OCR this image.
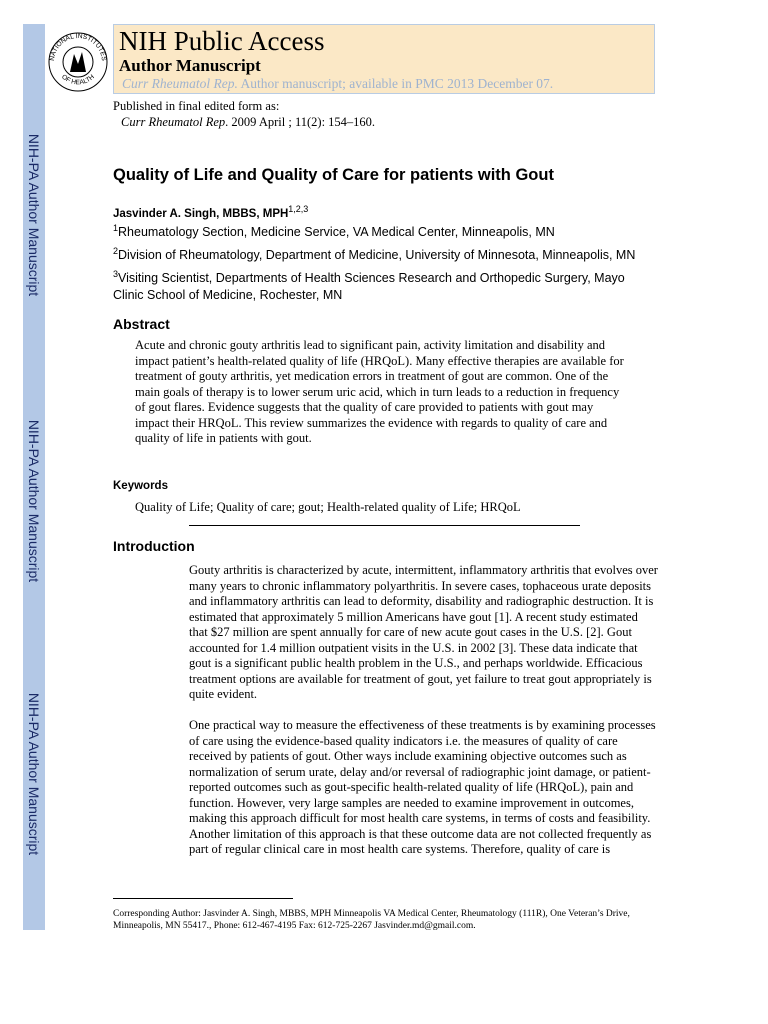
NIH-PA Author Manuscript
NIH-PA Author Manuscript
NIH-PA Author Manuscript
NATIONAL INSTITUTES
OF HEALTH
NIH Public Access
Author Manuscript
Curr Rheumatol Rep. Author manuscript; available in PMC 2013 December 07.
Published in final edited form as:
Curr Rheumatol Rep. 2009 April ; 11(2): 154–160.
Quality of Life and Quality of Care for patients with Gout
Jasvinder A. Singh, MBBS, MPH$^{1,2,3}$
$^1$Rheumatology Section, Medicine Service, VA Medical Center, Minneapolis, MN
$^2$Division of Rheumatology, Department of Medicine, University of Minnesota, Minneapolis, MN
$^3$Visiting Scientist, Departments of Health Sciences Research and Orthopedic Surgery, Mayo Clinic School of Medicine, Rochester, MN
Abstract

Acute and chronic gouty arthritis lead to significant pain, activity limitation and disability and impact patient’s health-related quality of life (HRQoL). Many effective therapies are available for treatment of gouty arthritis, yet medication errors in treatment of gout are common. One of the main goals of therapy is to lower serum uric acid, which in turn leads to a reduction in frequency of gout flares. Evidence suggests that the quality of care provided to patients with gout may impact their HRQoL. This review summarizes the evidence with regards to quality of care and quality of life in patients with gout.

Keywords

Quality of Life; Quality of care; gout; Health-related quality of Life; HRQoL

Introduction

Gouty arthritis is characterized by acute, intermittent, inflammatory arthritis that evolves over many years to chronic inflammatory polyarthritis. In severe cases, tophaceous urate deposits and inflammatory arthritis can lead to deformity, disability and radiographic destruction. It is estimated that approximately 5 million Americans have gout [1]. A recent study estimated that $27 million are spent annually for care of new acute gout cases in the U.S. [2]. Gout accounted for 1.4 million outpatient visits in the U.S. in 2002 [3]. These data indicate that gout is a significant public health problem in the U.S., and perhaps worldwide. Efficacious treatment options are available for treatment of gout, yet failure to treat gout appropriately is quite evident.

One practical way to measure the effectiveness of these treatments is by examining processes of care using the evidence-based quality indicators i.e. the measures of quality of care received by patients of gout. Other ways include examining objective outcomes such as normalization of serum urate, delay and/or reversal of radiographic joint damage, or patient-reported outcomes such as gout-specific health-related quality of life (HRQoL), pain and function. However, very large samples are needed to examine improvement in outcomes, making this approach difficult for most health care systems, in terms of costs and feasibility. Another limitation of this approach is that these outcome data are not collected frequently as part of regular clinical care in most health care systems. Therefore, quality of care is

Corresponding Author: Jasvinder A. Singh, MBBS, MPH Minneapolis VA Medical Center, Rheumatology (111R), One Veteran’s Drive, Minneapolis, MN 55417., Phone: 612-467-4195 Fax: 612-725-2267 Jasvinder.md@gmail.com.
